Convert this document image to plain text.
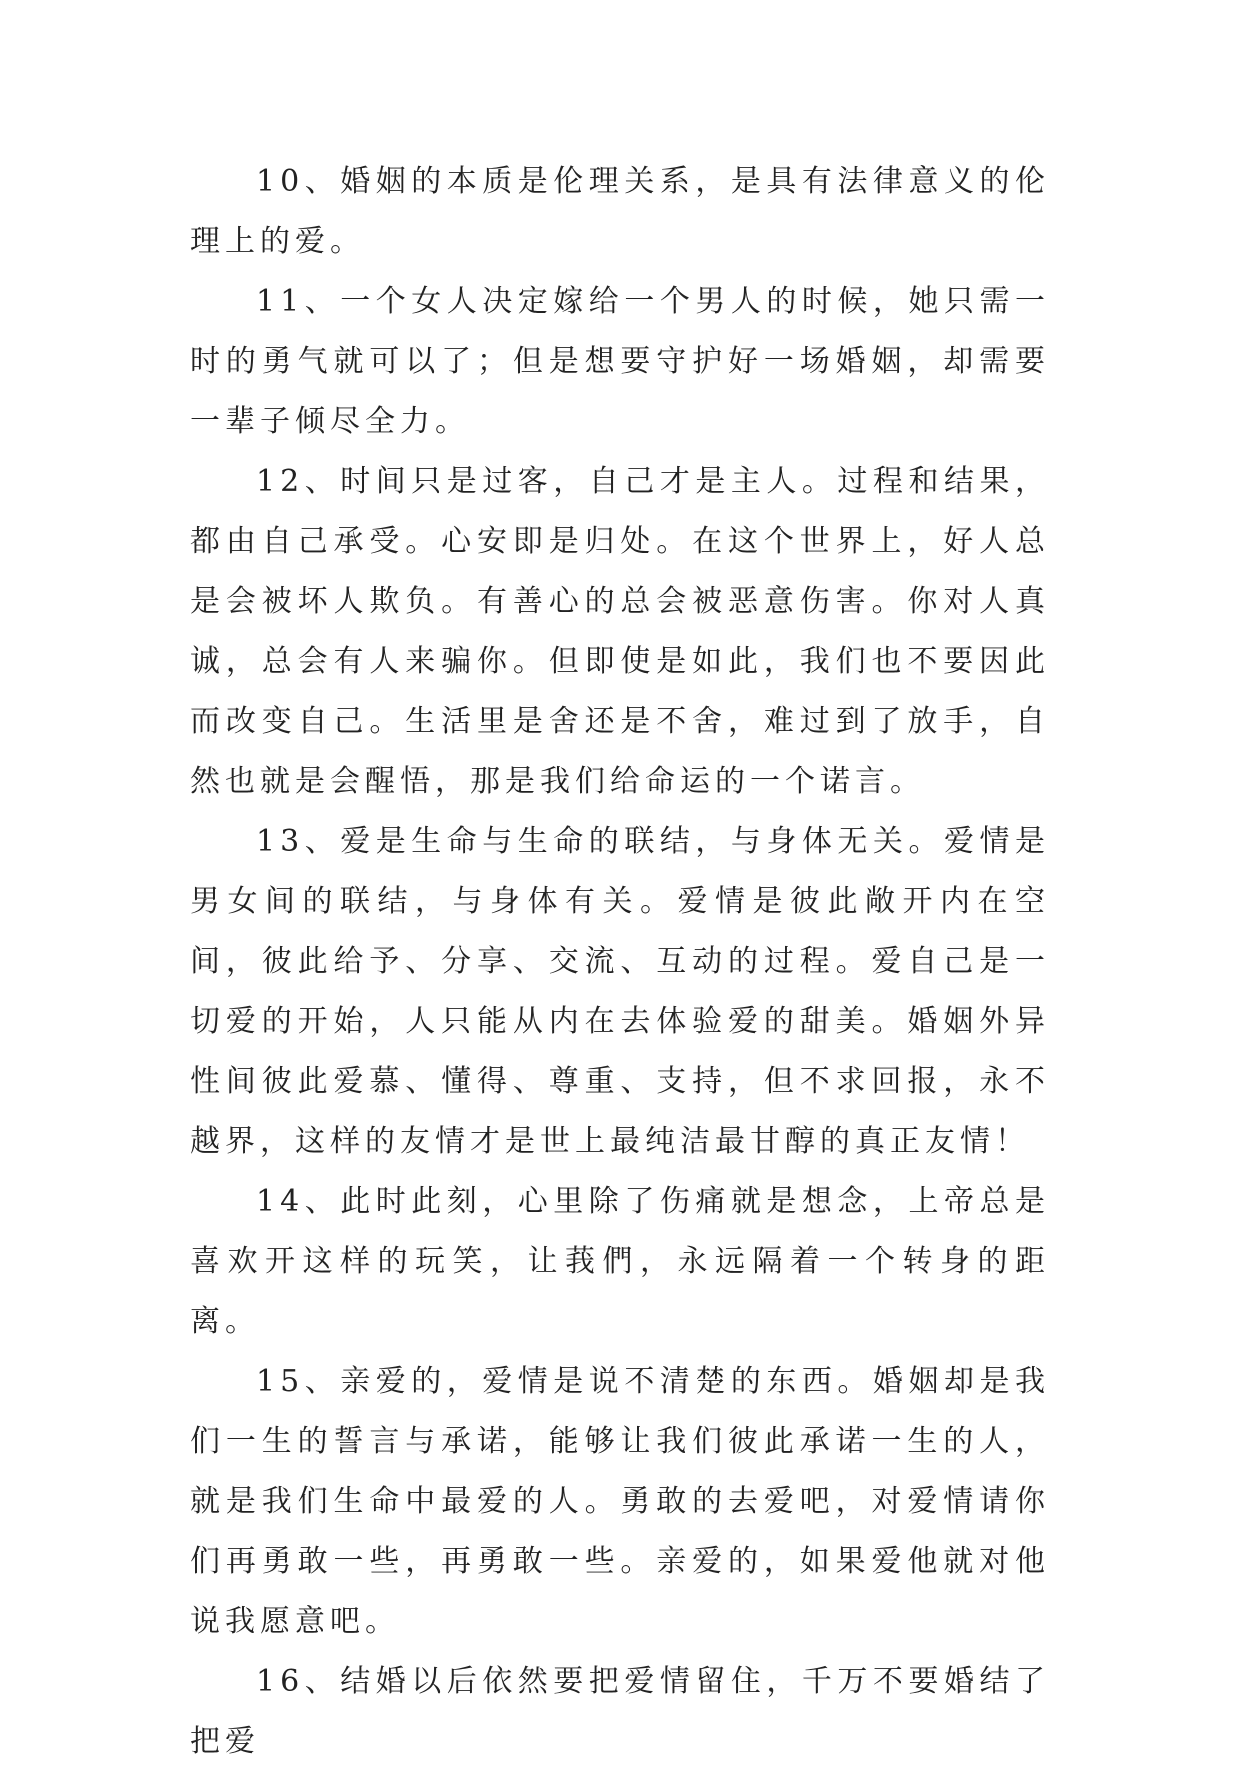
10、婚姻的本质是伦理关系，是具有法律意义的伦理上的爱。

11、一个女人决定嫁给一个男人的时候，她只需一时的勇气就可以了；但是想要守护好一场婚姻，却需要一辈子倾尽全力。

12、时间只是过客，自己才是主人。过程和结果，都由自己承受。心安即是归处。在这个世界上，好人总是会被坏人欺负。有善心的总会被恶意伤害。你对人真诚，总会有人来骗你。但即使是如此，我们也不要因此而改变自己。生活里是舍还是不舍，难过到了放手，自然也就是会醒悟，那是我们给命运的一个诺言。

13、爱是生命与生命的联结，与身体无关。爱情是男女间的联结，与身体有关。爱情是彼此敞开内在空间，彼此给予、分享、交流、互动的过程。爱自己是一切爱的开始，人只能从内在去体验爱的甜美。婚姻外异性间彼此爱慕、懂得、尊重、支持，但不求回报，永不越界，这样的友情才是世上最纯洁最甘醇的真正友情！

14、此时此刻，心里除了伤痛就是想念，上帝总是喜欢开这样的玩笑，让莪們，永远隔着一个转身的距离。

15、亲爱的，爱情是说不清楚的东西。婚姻却是我们一生的誓言与承诺，能够让我们彼此承诺一生的人，就是我们生命中最爱的人。勇敢的去爱吧，对爱情请你们再勇敢一些，再勇敢一些。亲爱的，如果爱他就对他说我愿意吧。

16、结婚以后依然要把爱情留住，千万不要婚结了把爱
